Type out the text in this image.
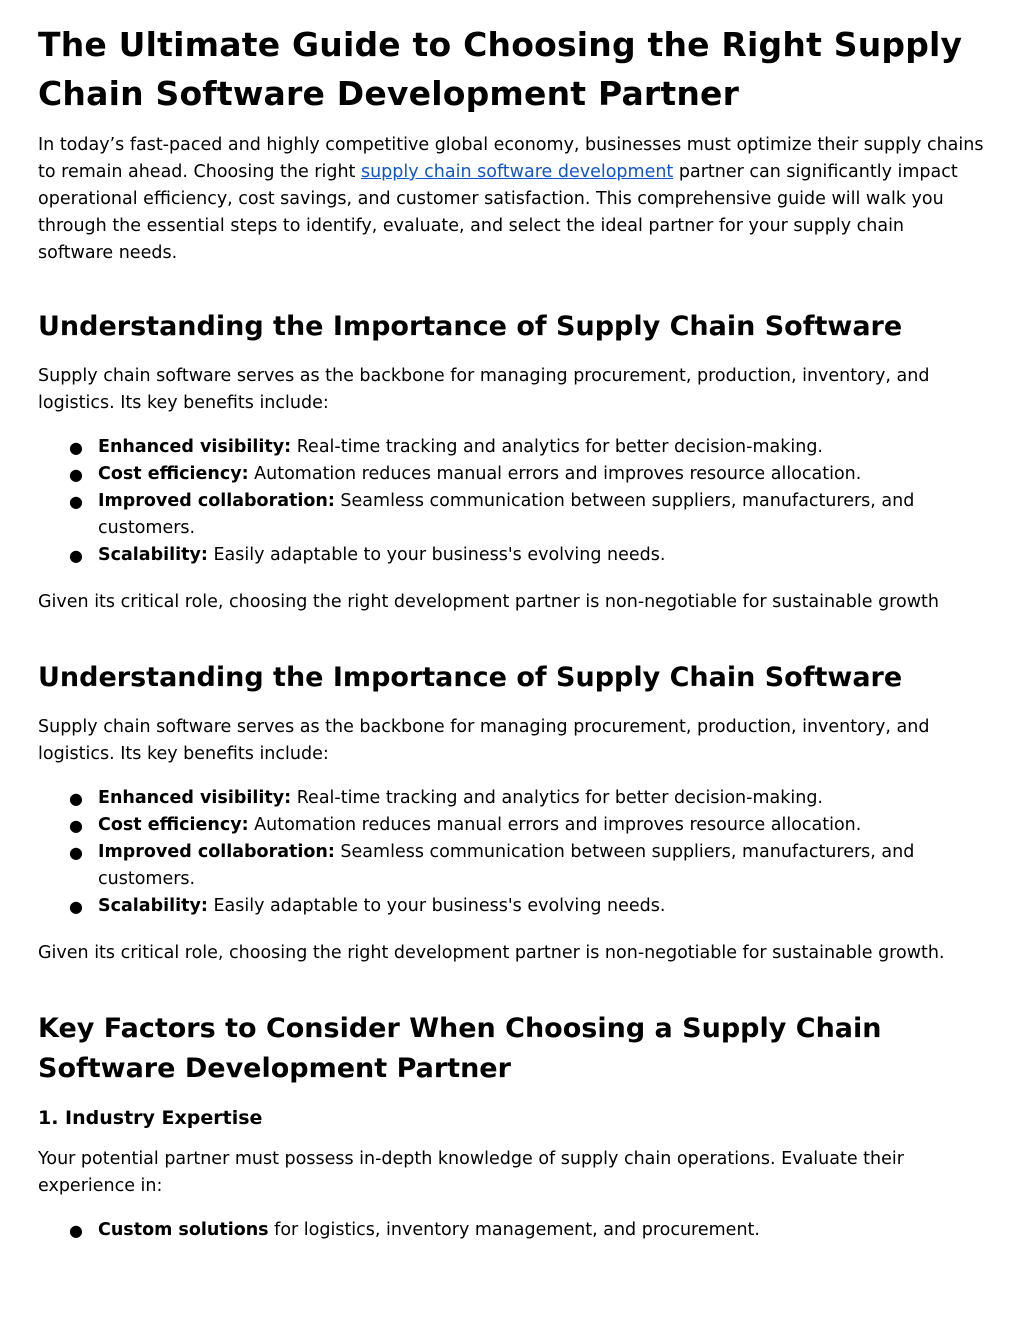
The Ultimate Guide to Choosing the Right Supply Chain Software Development Partner

In today’s fast-paced and highly competitive global economy, businesses must optimize their supply chains to remain ahead. Choosing the right supply chain software development partner can significantly impact operational efficiency, cost savings, and customer satisfaction. This comprehensive guide will walk you through the essential steps to identify, evaluate, and select the ideal partner for your supply chain software needs.

Understanding the Importance of Supply Chain Software

Supply chain software serves as the backbone for managing procurement, production, inventory, and logistics. Its key benefits include:

● Enhanced visibility: Real-time tracking and analytics for better decision-making.
● Cost efficiency: Automation reduces manual errors and improves resource allocation.
● Improved collaboration: Seamless communication between suppliers, manufacturers, and customers.
● Scalability: Easily adaptable to your business's evolving needs.

Given its critical role, choosing the right development partner is non-negotiable for sustainable growth

Understanding the Importance of Supply Chain Software

Supply chain software serves as the backbone for managing procurement, production, inventory, and logistics. Its key benefits include:

● Enhanced visibility: Real-time tracking and analytics for better decision-making.
● Cost efficiency: Automation reduces manual errors and improves resource allocation.
● Improved collaboration: Seamless communication between suppliers, manufacturers, and customers.
● Scalability: Easily adaptable to your business's evolving needs.

Given its critical role, choosing the right development partner is non-negotiable for sustainable growth.

Key Factors to Consider When Choosing a Supply Chain Software Development Partner
1. Industry Expertise

Your potential partner must possess in-depth knowledge of supply chain operations. Evaluate their experience in:

● Custom solutions for logistics, inventory management, and procurement.
